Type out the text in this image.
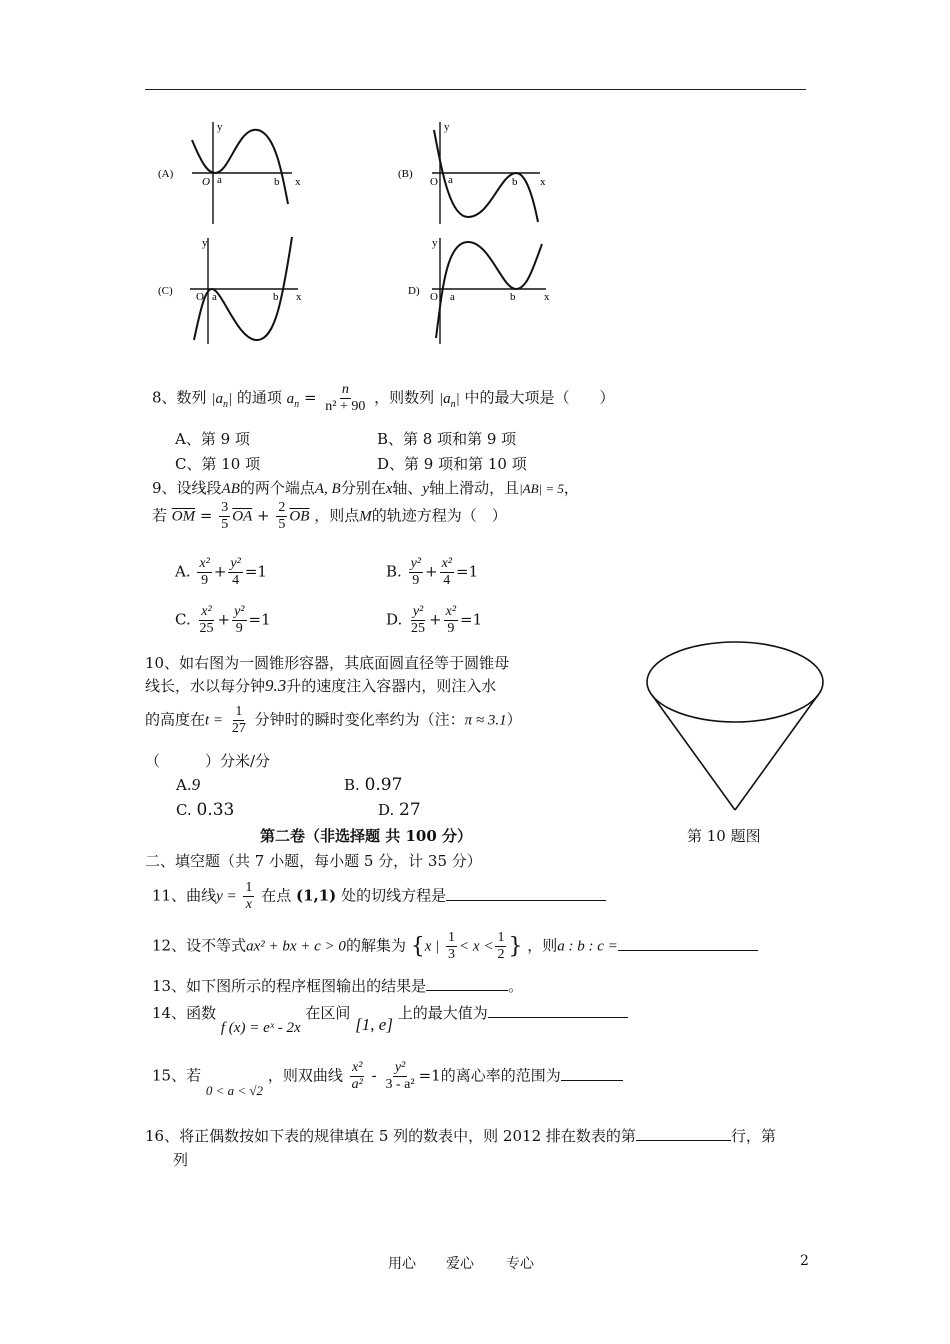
(A)
O a	b x
y
(B)
O a	b x
y
(C) O a	b x
y
D) O a	b	x
y
8、数列 $|a_n|$ 的通项 $a_n = \frac{n}{\text{n² + 90}}$ ，则数列 $|a_n|$ 中的最大项是（　　）
A、第 9 项	B、第 8 项和第 9 项
C、第 10 项	D、第 9 项和第 10 项
9、设线段AB的两个端点A, B分别在x轴、y轴上滑动，且|AB| = 5，
若 $\overline{OM} = \frac{3}{5} \overline{OA} + \frac{2}{5} \overline{OB}$ ，则点M的轨迹方程为（　）
A. $\frac{\text{x²}}{9} + \frac{\text{y²}}{4} =1$	B. $\frac{\text{y²}}{9} + \frac{\text{x²}}{4} =1$
C. $\frac{\text{x²}}{25} + \frac{\text{y²}}{9} =1$	D. $\frac{\text{y²}}{25} + \frac{\text{x²}}{9} =1$
10、如右图为一圆锥形容器，其底面圆直径等于圆锥母
线长，水以每分钟9.3升的速度注入容器内，则注入水
的高度在$t = \frac{1}{27}$ 分钟时的瞬时变化率约为（注：π ≈ 3.1）
（　　　）分米/分
A.9	B. 0.97
C. 0.33	D. 27
第 10 题图
第二卷（非选择题 共 100 分）
二、填空题（共 7 小题，每小题 5 分，计 35 分）
11、曲线$y = \frac{1}{x}$ 在点 (1,1) 处的切线方程是
12、设不等式ax² + bx + c > 0的解集为 {x | $\frac{1}{3} < x < \frac{1}{2}$ } ，则a : b : c =
13、如下图所示的程序框图输出的结果是	。
14、函数 f (x) = eˣ - 2x 在区间 [1, e] 上的最大值为
15、若 0 < a < √2 ，则双曲线 $\frac{\text{x²}}{\text{a²}} - \frac{\text{y²}}{\text{3 - a²}} =1$的离心率的范围为
16、将正偶数按如下表的规律填在 5 列的数表中，则 2012 排在数表的第	行，第
列
用心 爱心 专心	2
